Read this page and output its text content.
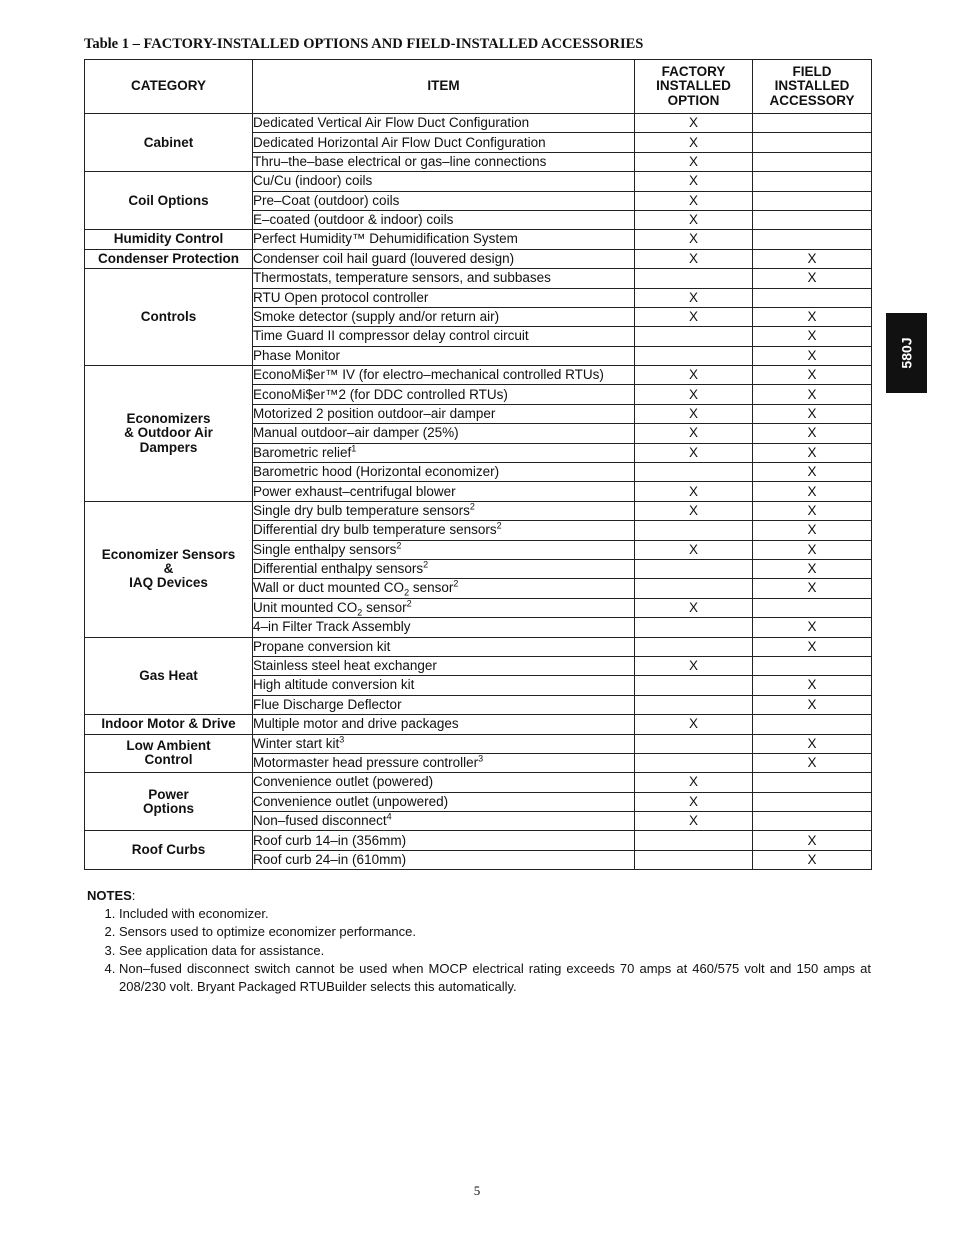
Table 1 – FACTORY-INSTALLED OPTIONS AND FIELD-INSTALLED ACCESSORIES
CATEGORY	ITEM	FACTORY
INSTALLED
OPTION	FIELD
INSTALLED
ACCESSORY
Cabinet	Dedicated Vertical Air Flow Duct Configuration	X	
	Dedicated Horizontal Air Flow Duct Configuration	X	
	Thru–the–base electrical or gas–line connections	X	
Coil Options	Cu/Cu (indoor) coils	X	
	Pre–Coat (outdoor) coils	X	
	E–coated (outdoor & indoor) coils	X	
Humidity Control	Perfect Humidity™ Dehumidification System	X	
Condenser Protection	Condenser coil hail guard (louvered design)	X	X
Controls	Thermostats, temperature sensors, and subbases		X
	RTU Open protocol controller	X	
	Smoke detector (supply and/or return air)	X	X
	Time Guard II compressor delay control circuit		X
	Phase Monitor		X
Economizers
& Outdoor Air
Dampers	EconoMi$er™ IV (for electro–mechanical controlled RTUs)	X	X
	EconoMi$er™2 (for DDC controlled RTUs)	X	X
	Motorized 2 position outdoor–air damper	X	X
	Manual outdoor–air damper (25%)	X	X
	Barometric relief$^1$	X	X
	Barometric hood (Horizontal economizer)		X
	Power exhaust–centrifugal blower	X	X
Economizer Sensors
&
IAQ Devices	Single dry bulb temperature sensors$^2$	X	X
	Differential dry bulb temperature sensors$^2$		X
	Single enthalpy sensors$^2$	X	X
	Differential enthalpy sensors$^2$		X
	Wall or duct mounted $CO_2$ sensor$^2$		X
	Unit mounted $CO_2$ sensor$^2$	X	
	4–in Filter Track Assembly		X
Gas Heat	Propane conversion kit		X
	Stainless steel heat exchanger	X	
	High altitude conversion kit		X
	Flue Discharge Deflector		X
Indoor Motor & Drive	Multiple motor and drive packages	X	
Low Ambient
Control	Winter start kit$^3$		X
	Motormaster head pressure controller$^3$		X
Power
Options	Convenience outlet (powered)	X	
	Convenience outlet (unpowered)	X	
	Non–fused disconnect$^4$	X	
Roof Curbs	Roof curb 14–in (356mm)		X
	Roof curb 24–in (610mm)		X
NOTES:
1. Included with economizer.
2. Sensors used to optimize economizer performance.
3. See application data for assistance.
4. Non–fused disconnect switch cannot be used when MOCP electrical rating exceeds 70 amps at 460/575 volt and 150 amps at 208/230 volt. Bryant Packaged RTUBuilder selects this automatically.
580J
5
